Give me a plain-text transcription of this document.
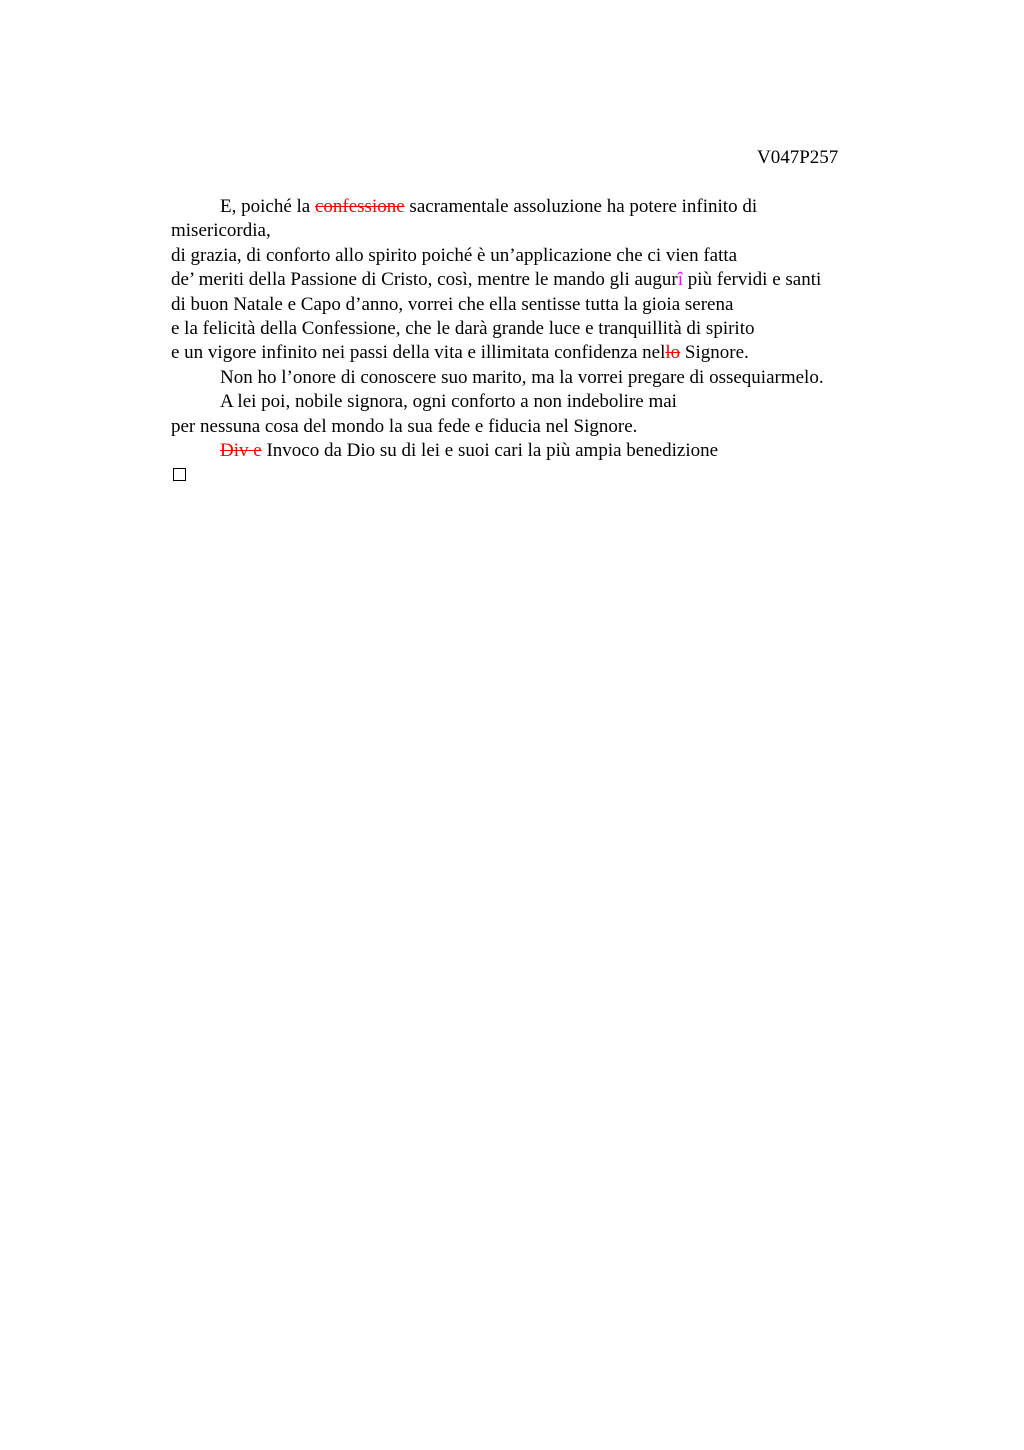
V047P257
E, poiché la confessione sacramentale assoluzione ha potere infinito di
misericordia,
di grazia, di conforto allo spirito poiché è un’applicazione che ci vien fatta
de’ meriti della Passione di Cristo, così, mentre le mando gli augurî più fervidi e santi
di buon Natale e Capo d’anno, vorrei che ella sentisse tutta la gioia serena
e la felicità della Confessione, che le darà grande luce e tranquillità di spirito
e un vigore infinito nei passi della vita e illimitata confidenza nello Signore.
Non ho l’onore di conoscere suo marito, ma la vorrei pregare di ossequiarmelo.
A lei poi, nobile signora, ogni conforto a non indebolire mai
per nessuna cosa del mondo la sua fede e fiducia nel Signore.
Div e Invoco da Dio su di lei e suoi cari la più ampia benedizione
